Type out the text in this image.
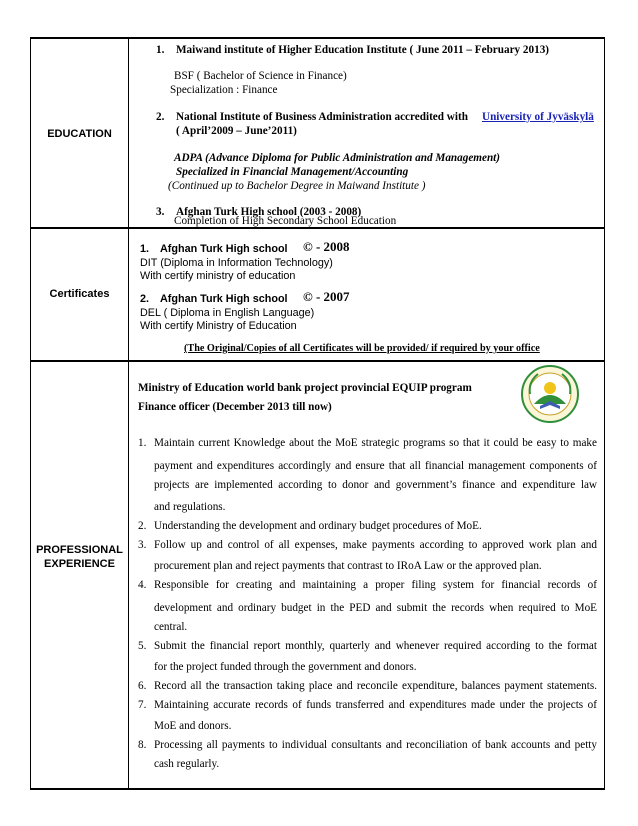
EDUCATION
Certificates
PROFESSIONAL
EXPERIENCE
1. Maiwand institute of Higher Education Institute ( June 2011 – February 2013)
BSF ( Bachelor of Science in Finance)
Specialization : Finance
2. National Institute of Business Administration accredited with University of Jyväskylä
( April’2009 – June’2011)
ADPA (Advance Diploma for Public Administration and Management)
Specialized in Financial Management/Accounting
(Continued up to Bachelor Degree in Maiwand Institute )
3. Afghan Turk High school (2003 - 2008)
Completion of High Secondary School Education
1. Afghan Turk High school © - 2008
DIT (Diploma in Information Technology)
With certify ministry of education
2. Afghan Turk High school © - 2007
DEL ( Diploma in English Language)
With certify Ministry of Education
(The Original/Copies of all Certificates will be provided/ if required by your office
Ministry of Education world bank project provincial EQUIP program
Finance officer (December 2013 till now)
1. Maintain current Knowledge about the MoE strategic programs so that it could be easy to make
payment and expenditures accordingly and ensure that all financial management components of
projects are implemented according to donor and government’s finance and expenditure law
and regulations.
2. Understanding the development and ordinary budget procedures of MoE.
3. Follow up and control of all expenses, make payments according to approved work plan and
procurement plan and reject payments that contrast to IRoA Law or the approved plan.
4. Responsible for creating and maintaining a proper filing system for financial records of
development and ordinary budget in the PED and submit the records when required to MoE
central.
5. Submit the financial report monthly, quarterly and whenever required according to the format
for the project funded through the government and donors.
6. Record all the transaction taking place and reconcile expenditure, balances payment statements.
7. Maintaining accurate records of funds transferred and expenditures made under the projects of
MoE and donors.
8. Processing all payments to individual consultants and reconciliation of bank accounts and petty
cash regularly.
